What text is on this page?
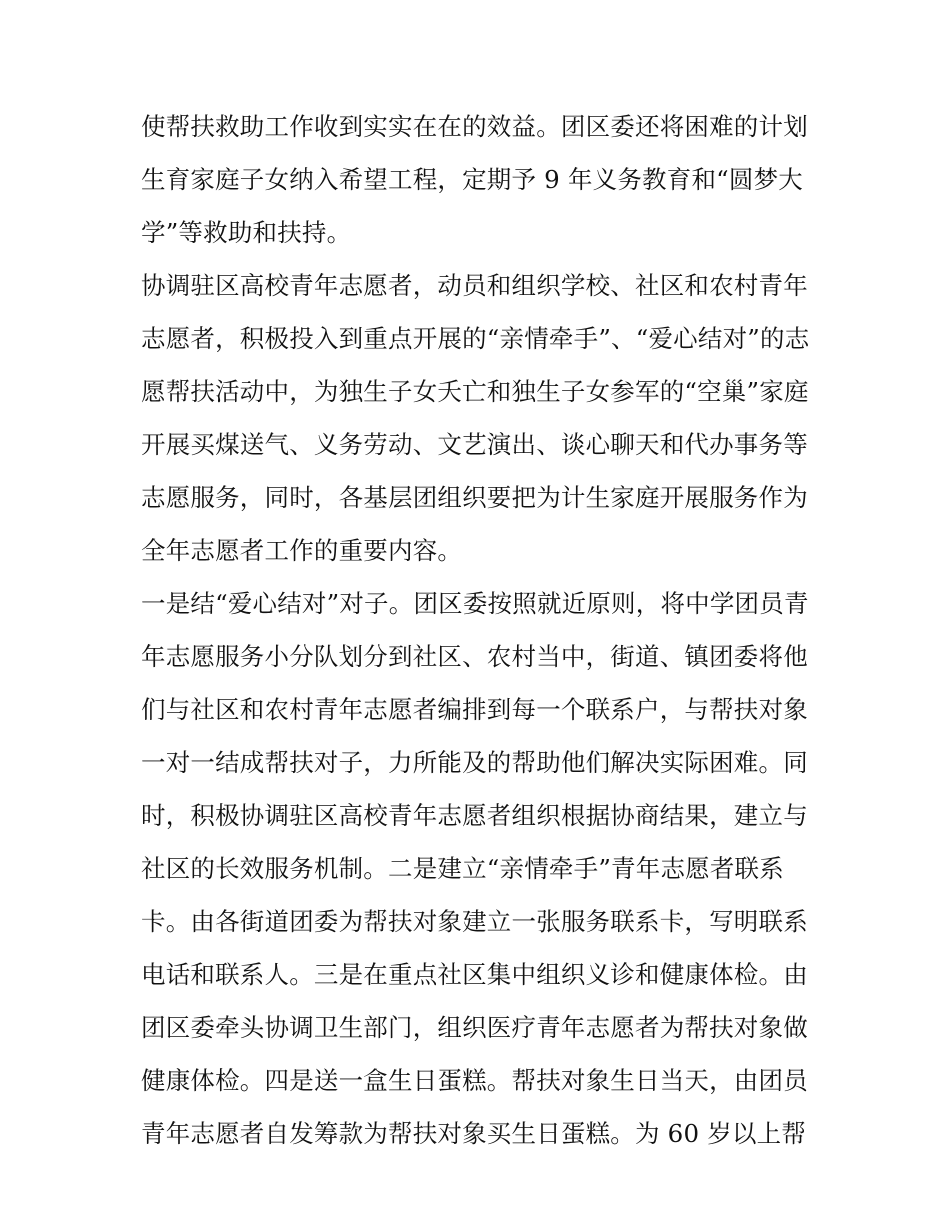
使帮扶救助工作收到实实在在的效益。团区委还将困难的计划
生育家庭子女纳入希望工程，定期予 9 年义务教育和“圆梦大
学”等救助和扶持。
协调驻区高校青年志愿者，动员和组织学校、社区和农村青年
志愿者，积极投入到重点开展的“亲情牵手”、“爱心结对”的志
愿帮扶活动中，为独生子女夭亡和独生子女参军的“空巢”家庭
开展买煤送气、义务劳动、文艺演出、谈心聊天和代办事务等
志愿服务，同时，各基层团组织要把为计生家庭开展服务作为
全年志愿者工作的重要内容。
一是结“爱心结对”对子。团区委按照就近原则，将中学团员青
年志愿服务小分队划分到社区、农村当中，街道、镇团委将他
们与社区和农村青年志愿者编排到每一个联系户，与帮扶对象
一对一结成帮扶对子，力所能及的帮助他们解决实际困难。同
时，积极协调驻区高校青年志愿者组织根据协商结果，建立与
社区的长效服务机制。二是建立“亲情牵手”青年志愿者联系
卡。由各街道团委为帮扶对象建立一张服务联系卡，写明联系
电话和联系人。三是在重点社区集中组织义诊和健康体检。由
团区委牵头协调卫生部门，组织医疗青年志愿者为帮扶对象做
健康体检。四是送一盒生日蛋糕。帮扶对象生日当天，由团员
青年志愿者自发筹款为帮扶对象买生日蛋糕。为 60 岁以上帮
